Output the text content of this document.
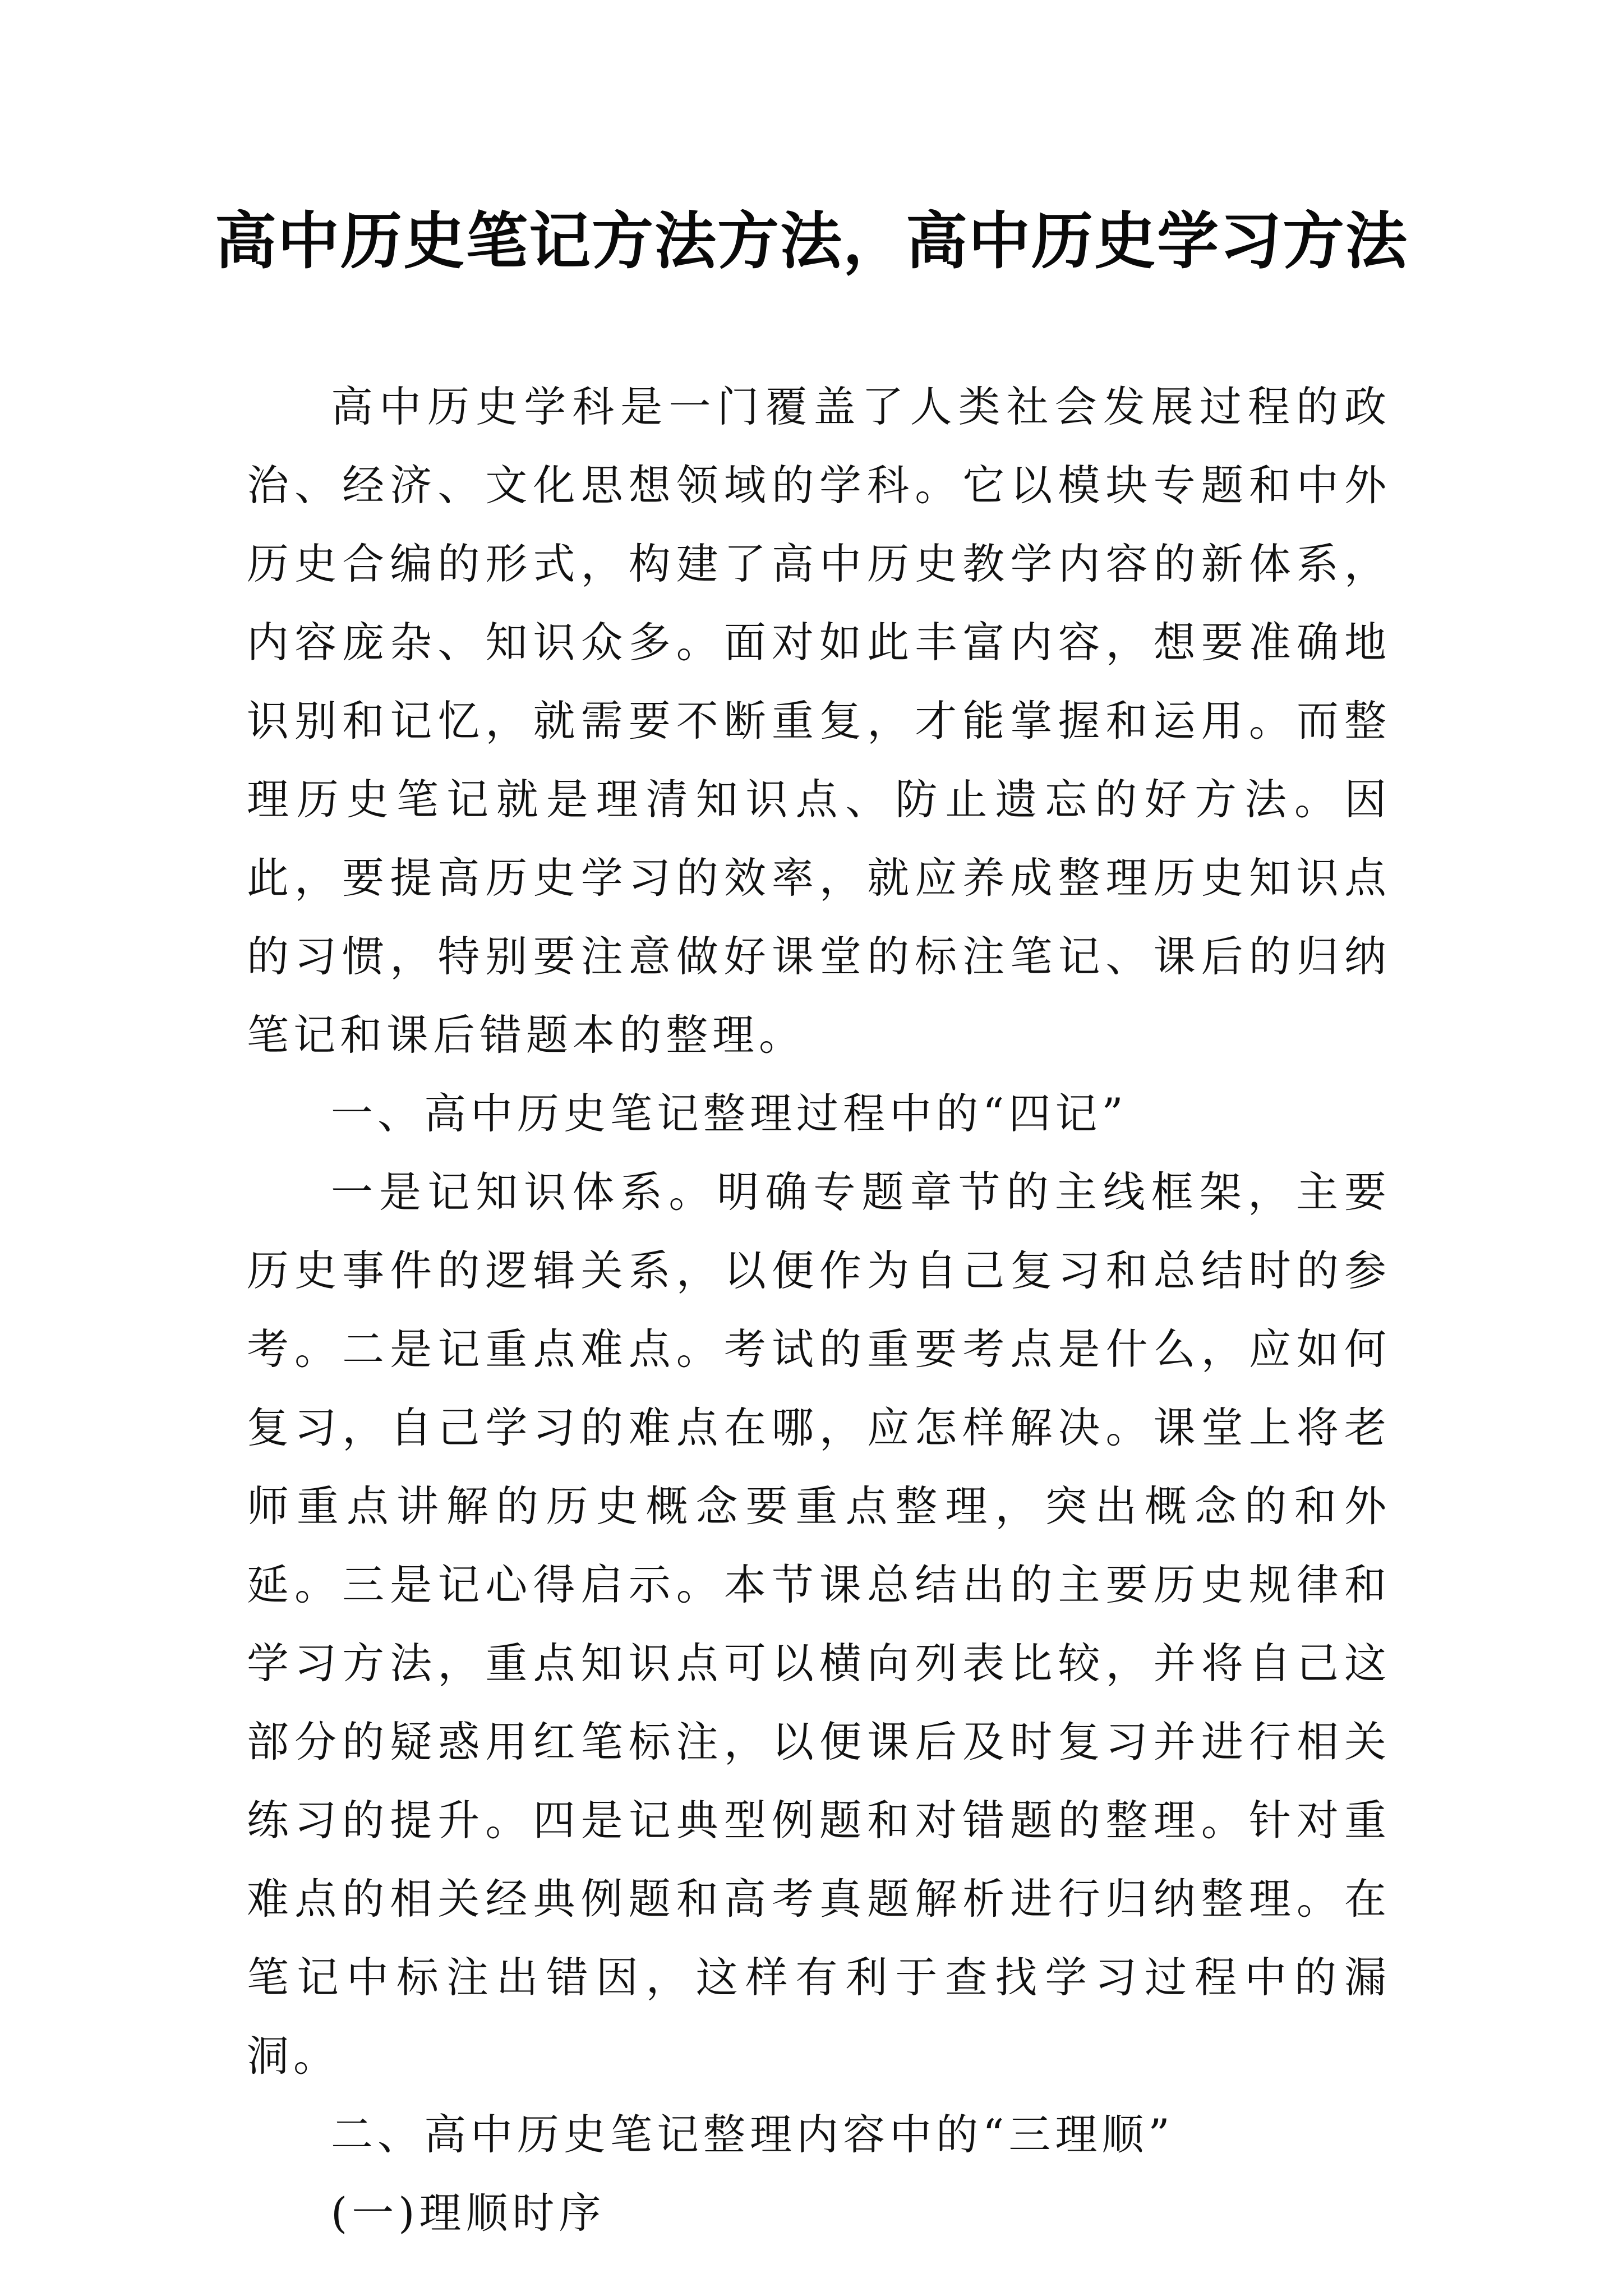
高中历史笔记方法方法，高中历史学习方法

高中历史学科是一门覆盖了人类社会发展过程的政治、经济、文化思想领域的学科。它以模块专题和中外历史合编的形式，构建了高中历史教学内容的新体系，内容庞杂、知识众多。面对如此丰富内容，想要准确地识别和记忆，就需要不断重复，才能掌握和运用。而整理历史笔记就是理清知识点、防止遗忘的好方法。因此，要提高历史学习的效率，就应养成整理历史知识点的习惯，特别要注意做好课堂的标注笔记、课后的归纳笔记和课后错题本的整理。

一、高中历史笔记整理过程中的“四记”

一是记知识体系。明确专题章节的主线框架，主要历史事件的逻辑关系，以便作为自己复习和总结时的参考。二是记重点难点。考试的重要考点是什么，应如何复习，自己学习的难点在哪，应怎样解决。课堂上将老师重点讲解的历史概念要重点整理，突出概念的和外延。三是记心得启示。本节课总结出的主要历史规律和学习方法，重点知识点可以横向列表比较，并将自己这部分的疑惑用红笔标注，以便课后及时复习并进行相关练习的提升。四是记典型例题和对错题的整理。针对重难点的相关经典例题和高考真题解析进行归纳整理。在笔记中标注出错因，这样有利于查找学习过程中的漏洞。

二、高中历史笔记整理内容中的“三理顺”

(一)理顺时序
